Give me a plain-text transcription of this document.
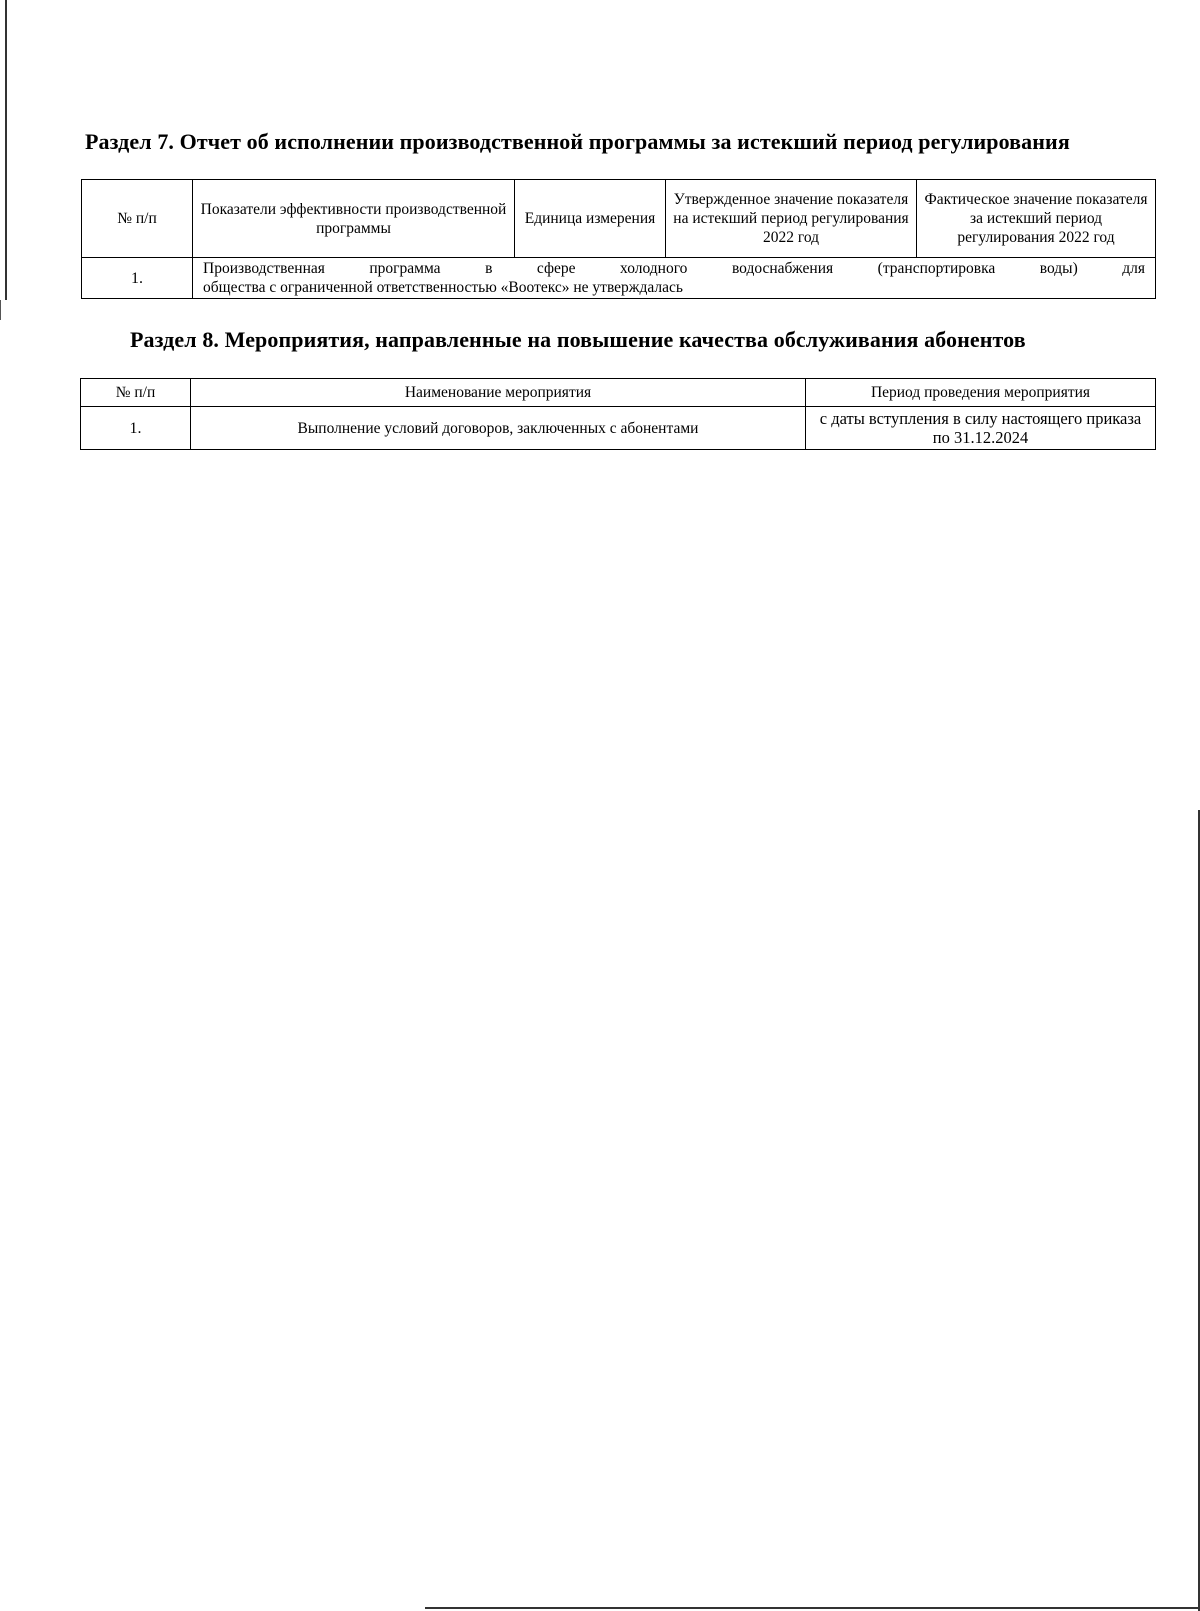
Раздел 7. Отчет об исполнении производственной программы за истекший период регулирования
№ п/п	Показатели эффективности производственной программы	Единица измерения	Утвержденное значение показателя на истекший период регулирования 2022 год	Фактическое значение показателя за истекший период регулирования 2022 год
1.	Производственная программа в сфере холодного водоснабжения (транспортировка воды) для
общества с ограниченной ответственностью «Воотекс» не утверждалась			
Раздел 8. Мероприятия, направленные на повышение качества обслуживания абонентов
№ п/п	Наименование мероприятия	Период проведения мероприятия
1.	Выполнение условий договоров, заключенных с абонентами	с даты вступления в силу настоящего приказа по 31.12.2024
